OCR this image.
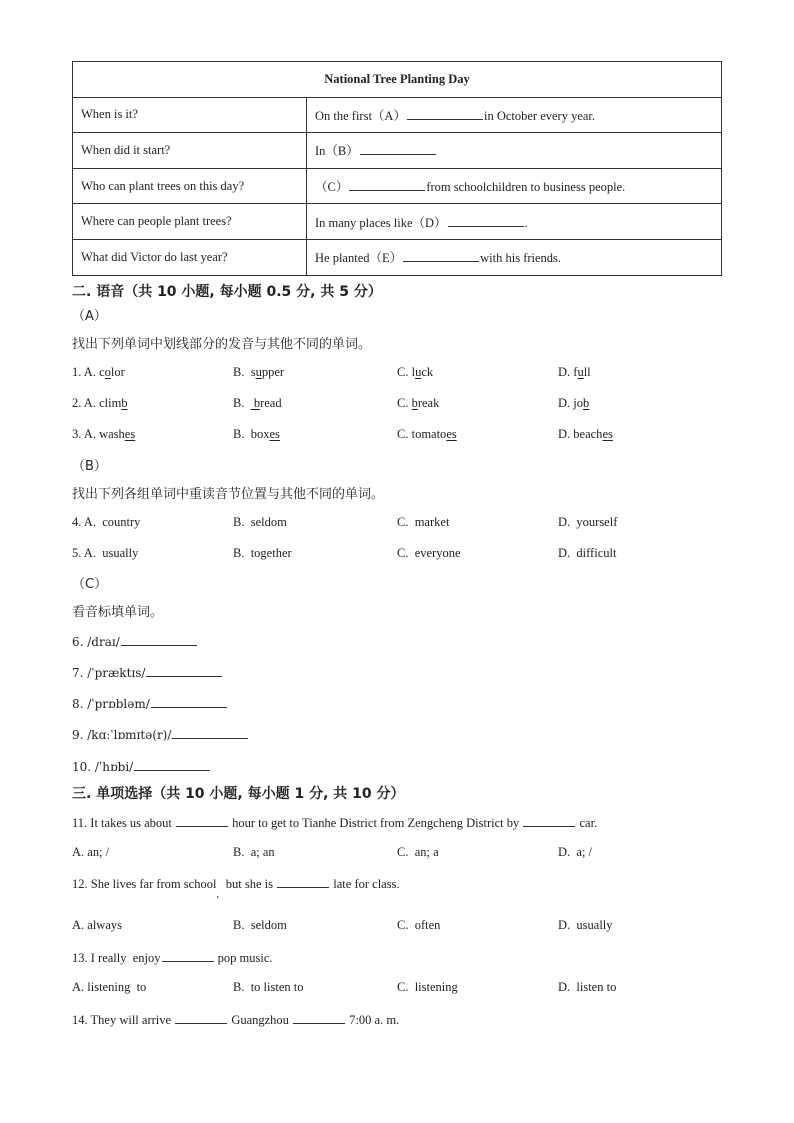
National Tree Planting Day	
When is it?	On the first（A） in October every year.
When did it start?	In（B）
Who can plant trees on this day?	（C） from schoolchildren to business people.
Where can people plant trees?	In many places like（D） .
What did Victor do last year?	He planted（E） with his friends.
二. 语音（共 10 小题, 每小题 0.5 分, 共 5 分）
（A）
找出下列单词中划线部分的发音与其他不同的单词。
1. A. color	B. supper	C. luck	D. full
2. A. climb	B.   bread	C. break	D. job
3. A. washes	B. boxes	C. tomatoes	D. beaches
（B）
找出下列各组单词中重读音节位置与其他不同的单词。
4. A.  country	B.  seldom	C.  market	D.  yourself
5. A.  usually	B.  together	C.  everyone	D.  difficult
（C）
看音标填单词。
6. /draɪ/
7. /ˈpræktɪs/
8. /ˈprɒbləm/
9. /kɑːˈlɒmɪtə(r)/
10. /ˈhɒbi/
三. 单项选择（共 10 小题, 每小题 1 分, 共 10 分）
11. It takes us about	hour to get to Tianhe District from Zengcheng District by	car.
A. an; /	B.  a; an	C.  an; a	D.  a; /
12. She lives far from school
,
but she is	late for class.
A. always	B.  seldom	C.  often	D.  usually
13. I really  enjoy	pop music.
A. listening  to	B.  to listen to	C.  listening	D.  listen to
14. They will arrive	Guangzhou	7:00 a. m.
